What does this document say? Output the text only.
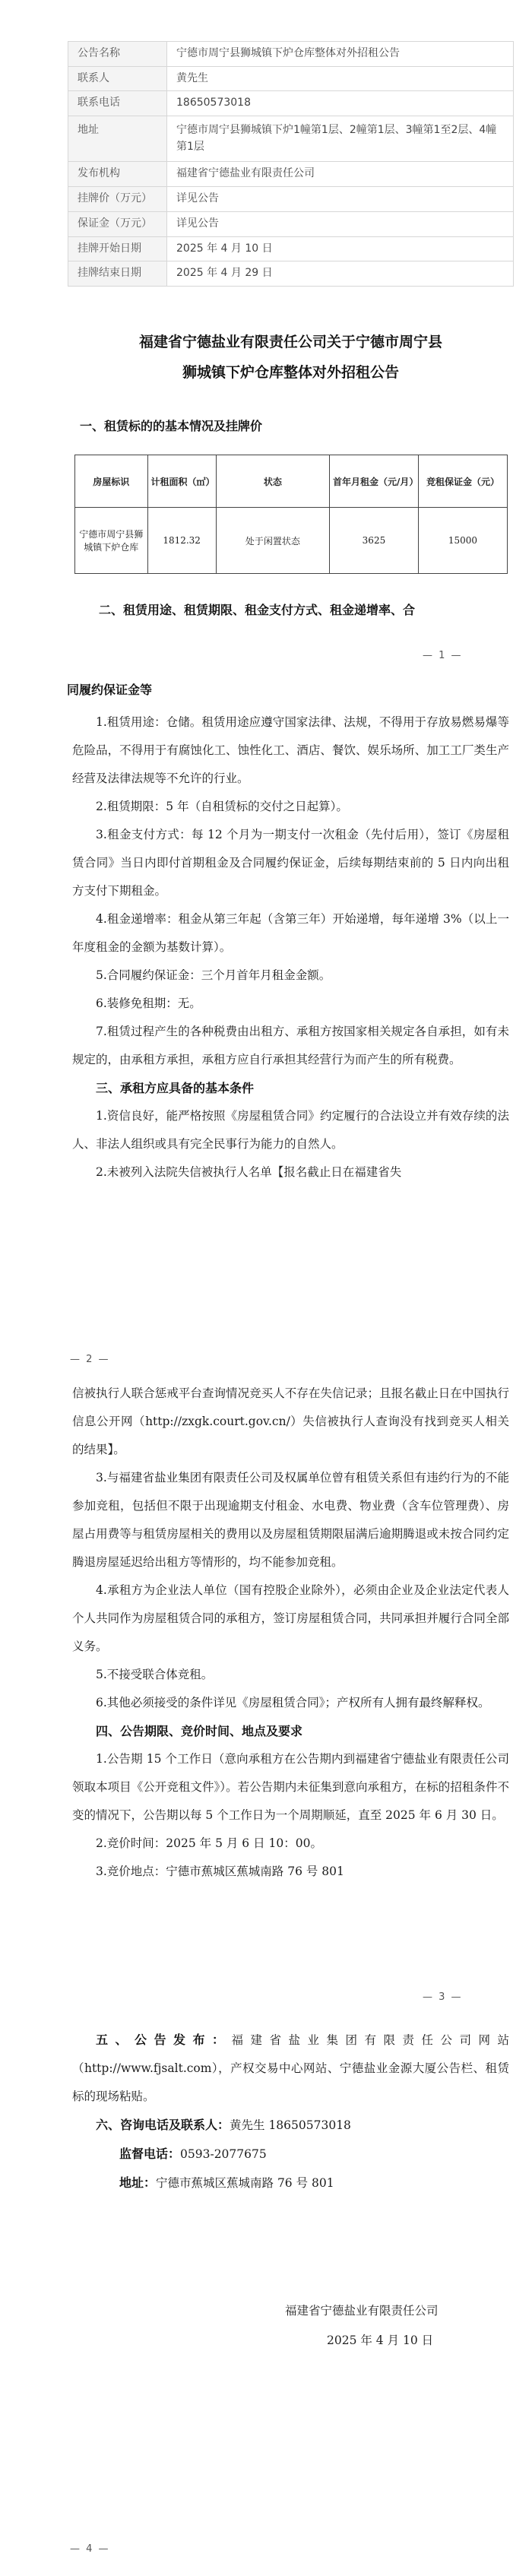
公告名称	宁德市周宁县狮城镇下炉仓库整体对外招租公告
联系人	黄先生
联系电话	18650573018
地址	宁德市周宁县狮城镇下炉1幢第1层、2幢第1层、3幢第1至2层、4幢第1层
发布机构	福建省宁德盐业有限责任公司
挂牌价（万元）	详见公告
保证金（万元）	详见公告
挂牌开始日期	2025 年 4 月 10 日
挂牌结束日期	2025 年 4 月 29 日
福建省宁德盐业有限责任公司关于宁德市周宁县
狮城镇下炉仓库整体对外招租公告
一、租赁标的的基本情况及挂牌价
房屋标识	计租面积（㎡）	状态	首年月租金（元/月）	竞租保证金（元）
宁德市周宁县狮城镇下炉仓库	1812.32	处于闲置状态	3625	15000
二、租赁用途、租赁期限、租金支付方式、租金递增率、合
— 1 —
同履约保证金等

1.租赁用途：仓储。租赁用途应遵守国家法律、法规，不得用于存放易燃易爆等危险品，不得用于有腐蚀化工、蚀性化工、酒店、餐饮、娱乐场所、加工工厂类生产经营及法律法规等不允许的行业。

2.租赁期限：5 年（自租赁标的交付之日起算）。

3.租金支付方式：每 12 个月为一期支付一次租金（先付后用），签订《房屋租赁合同》当日内即付首期租金及合同履约保证金，后续每期结束前的 5 日内向出租方支付下期租金。

4.租金递增率：租金从第三年起（含第三年）开始递增，每年递增 3%（以上一年度租金的金额为基数计算）。

5.合同履约保证金：三个月首年月租金金额。

6.装修免租期：无。

7.租赁过程产生的各种税费由出租方、承租方按国家相关规定各自承担，如有未规定的，由承租方承担，承租方应自行承担其经营行为而产生的所有税费。

三、承租方应具备的基本条件

1.资信良好，能严格按照《房屋租赁合同》约定履行的合法设立并有效存续的法人、非法人组织或具有完全民事行为能力的自然人。

2.未被列入法院失信被执行人名单【报名截止日在福建省失

— 2 —

信被执行人联合惩戒平台查询情况竞买人不存在失信记录；且报名截止日在中国执行信息公开网（http://zxgk.court.gov.cn/）失信被执行人查询没有找到竞买人相关的结果】。

3.与福建省盐业集团有限责任公司及权属单位曾有租赁关系但有违约行为的不能参加竞租，包括但不限于出现逾期支付租金、水电费、物业费（含车位管理费）、房屋占用费等与租赁房屋相关的费用以及房屋租赁期限届满后逾期腾退或未按合同约定腾退房屋延迟给出租方等情形的，均不能参加竞租。

4.承租方为企业法人单位（国有控股企业除外），必须由企业及企业法定代表人个人共同作为房屋租赁合同的承租方，签订房屋租赁合同，共同承担并履行合同全部义务。

5.不接受联合体竞租。

6.其他必须接受的条件详见《房屋租赁合同》；产权所有人拥有最终解释权。

四、公告期限、竞价时间、地点及要求

1.公告期 15 个工作日（意向承租方在公告期内到福建省宁德盐业有限责任公司领取本项目《公开竞租文件》）。若公告期内未征集到意向承租方，在标的招租条件不变的情况下，公告期以每 5 个工作日为一个周期顺延，直至 2025 年 6 月 30 日。

2.竞价时间：2025 年 5 月 6 日 10：00。

3.竞价地点：宁德市蕉城区蕉城南路 76 号 801

— 3 —

五、公告发布：福建省盐业集团有限责任公司网站（http://www.fjsalt.com），产权交易中心网站、宁德盐业金源大厦公告栏、租赁标的现场粘贴。

六、咨询电话及联系人：黄先生 18650573018

监督电话：0593-2077675

地址：宁德市蕉城区蕉城南路 76 号 801

福建省宁德盐业有限责任公司
2025 年 4 月 10 日
— 4 —
